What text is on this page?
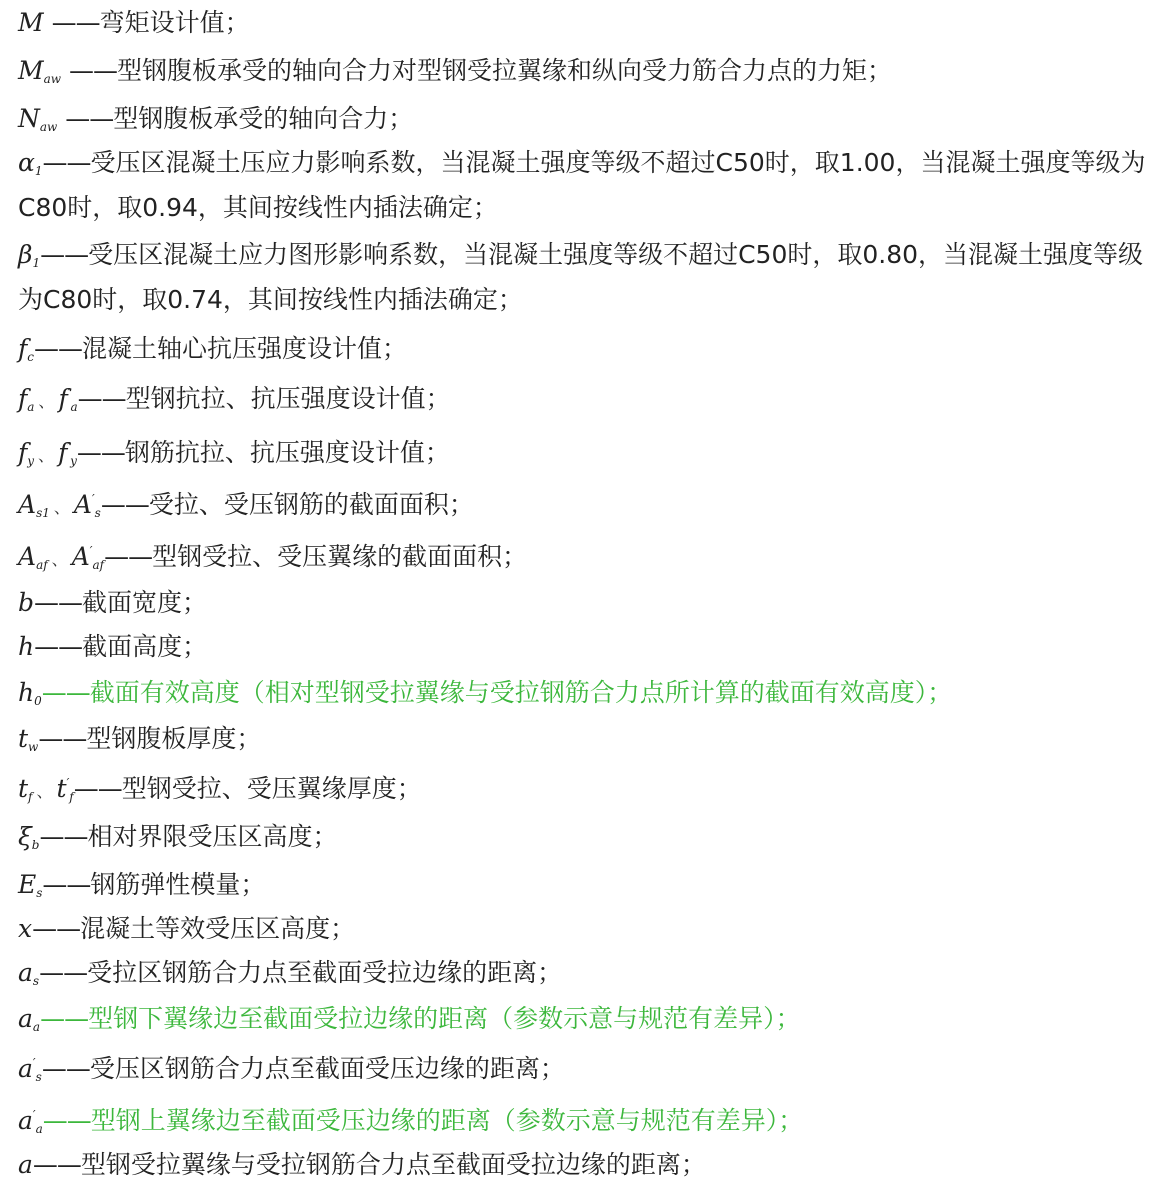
M ——弯矩设计值；
$M_{aw}$ ——型钢腹板承受的轴向合力对型钢受拉翼缘和纵向受力筋合力点的力矩；
$N_{aw}$ ——型钢腹板承受的轴向合力；
$\alpha_1——$受压区混凝土压应力影响系数，当混凝土强度等级不超过C50时，取1.00，当混凝土强度等级为C80时，取0.94，其间按线性内插法确定；
$\beta_1——$受压区混凝土应力图形影响系数，当混凝土强度等级不超过C50时，取0.80，当混凝土强度等级为C80时，取0.74，其间按线性内插法确定；
$f_c——$混凝土轴心抗压强度设计值；
$f_a$ 、 $f'_a——$型钢抗拉、抗压强度设计值；
$f_y$ 、 $f'_y——$钢筋抗拉、抗压强度设计值；
$A_{s1}$ 、 $A'_s——$受拉、受压钢筋的截面面积；
$A_{af}$ 、 $A'_{af}——$型钢受拉、受压翼缘的截面面积；
b——截面宽度；
h——截面高度；
$h_0——$截面有效高度（相对型钢受拉翼缘与受拉钢筋合力点所计算的截面有效高度）；
$t_w——$型钢腹板厚度；
$t_f$ 、 $t'_f——$型钢受拉、受压翼缘厚度；
$\xi_b——$相对界限受压区高度；
$E_s——$钢筋弹性模量；
x——混凝土等效受压区高度；
$a_s——$受拉区钢筋合力点至截面受拉边缘的距离；
$a_a——$型钢下翼缘边至截面受拉边缘的距离（参数示意与规范有差异）；
$a'_s——$受压区钢筋合力点至截面受压边缘的距离；
$a'_a——$型钢上翼缘边至截面受压边缘的距离（参数示意与规范有差异）；
a——型钢受拉翼缘与受拉钢筋合力点至截面受拉边缘的距离；
